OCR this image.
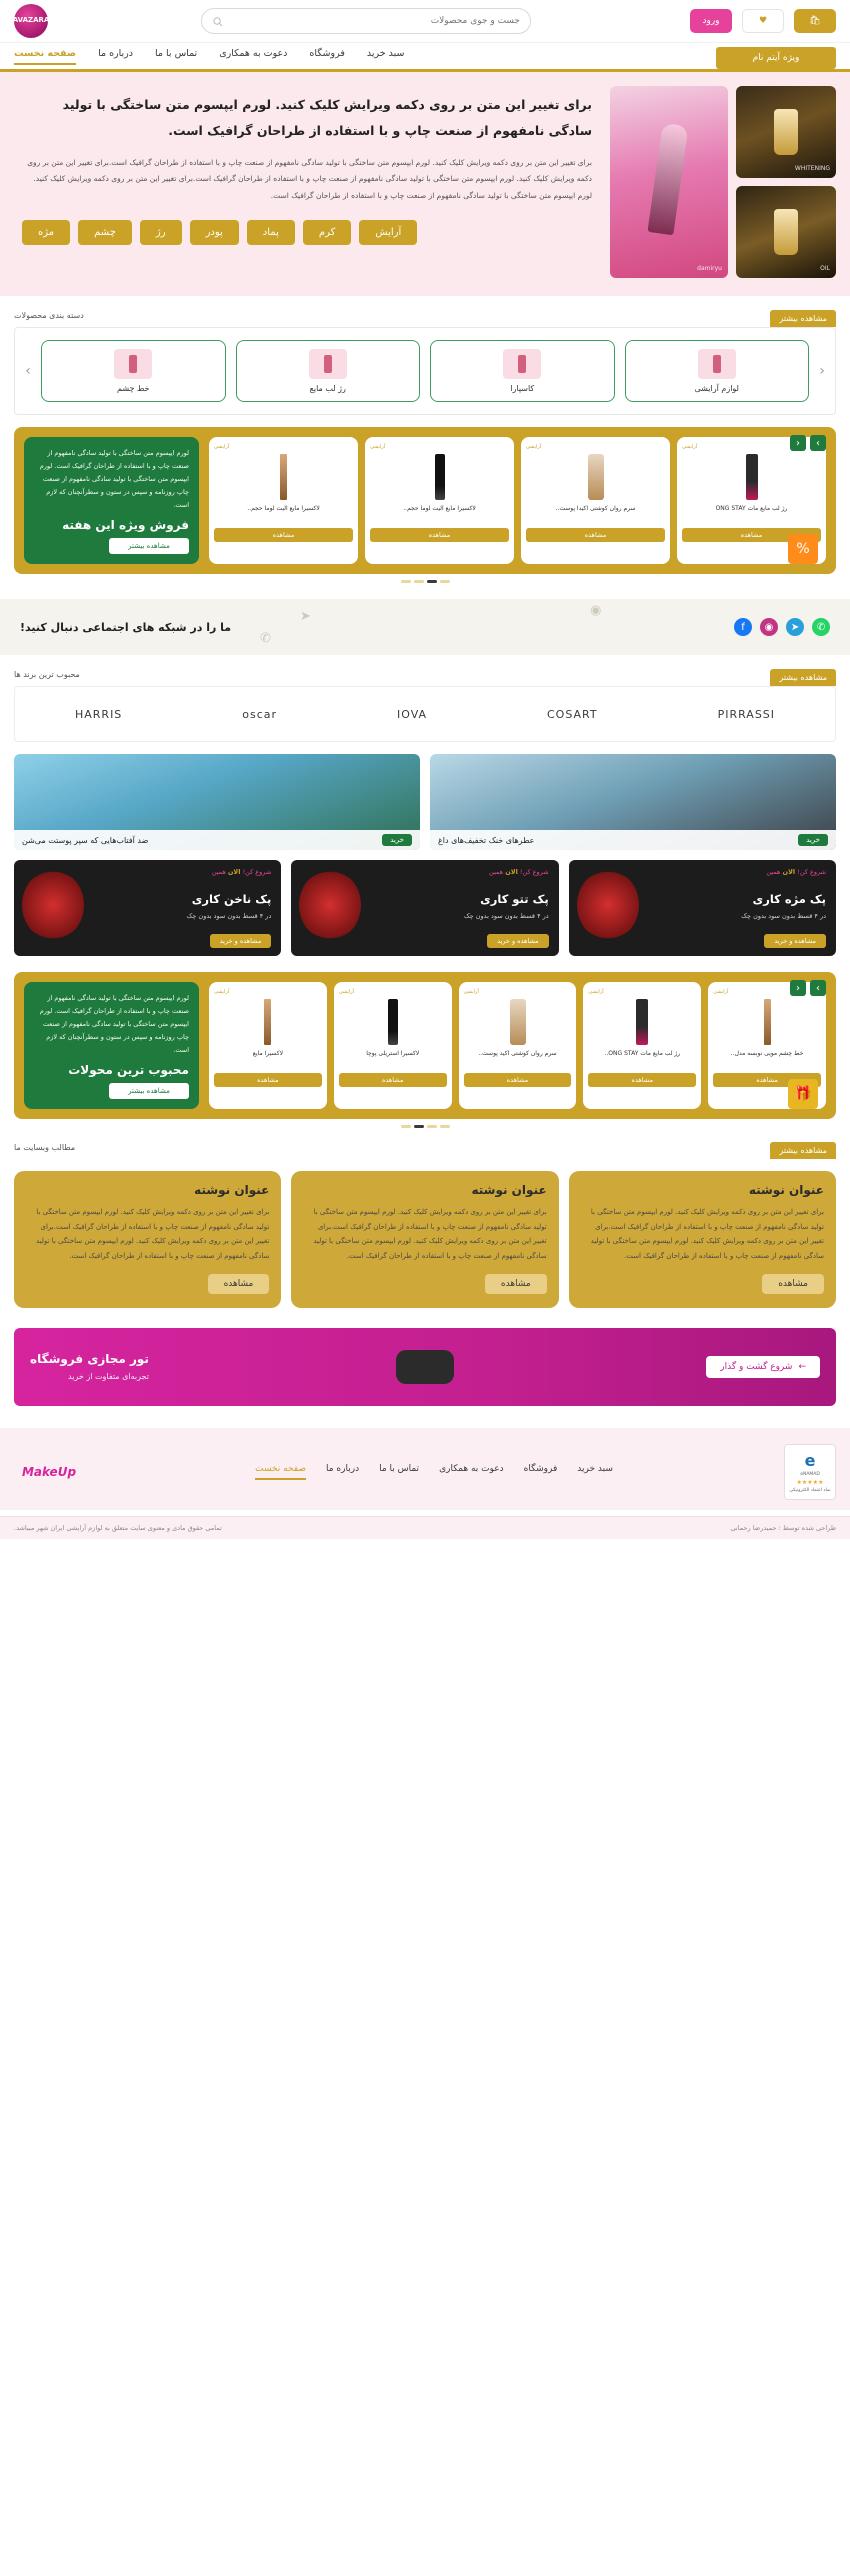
🛍
♥
ورود
جست و جوی محصولات
AVAZARA
ویژه آیتم نام
سبد خرید
فروشگاه
دعوت به همکاری
تماس با ما
درباره ما
صفحه نخست
WHITENING
OIL
damiryu
برای تغییر این متن بر روی دکمه ویرایش کلیک کنید. لورم ایپسوم متن ساختگی با تولید سادگی نامفهوم از صنعت چاپ و با استفاده از طراحان گرافیک است.
برای تغییر این متن بر روی دکمه ویرایش کلیک کنید. لورم ایپسوم متن ساختگی با تولید سادگی نامفهوم از صنعت چاپ و با استفاده از طراحان گرافیک است.برای تغییر این متن بر روی دکمه ویرایش کلیک کنید. لورم ایپسوم متن ساختگی با تولید سادگی نامفهوم از صنعت چاپ و با استفاده از طراحان گرافیک است.برای تغییر این متن بر روی دکمه ویرایش کلیک کنید. لورم ایپسوم متن ساختگی با تولید سادگی نامفهوم از صنعت چاپ و با استفاده از طراحان گرافیک است.
آرایش
کرم
پماد
پودر
رژ
چشم
مژه
مشاهده بیشتر
دسته بندی محصولات
‹
لوازم آرایشی
کاسپارا
رژ لب مایع
خط چشم
›
›
‹
آرایشی
رژ لب مایع مات ONG STAY
مشاهده
آرایشی
سرم روان کوشتی اکیدا پوست..
مشاهده
آرایشی
لاکسیرا مایع الیت لوما حجم..
مشاهده
آرایشی
لاکسیرا مایع الیت لوما حجم..
مشاهده
لورم ایپسوم متن ساختگی با تولید سادگی نامفهوم از صنعت چاپ و با استفاده از طراحان گرافیک است. لورم ایپسوم متن ساختگی با تولید سادگی نامفهوم از صنعت چاپ روزنامه و سپس در ستون و سطرآنچنان که لازم است.
فروش ویژه این هفته
مشاهده بیشتر	%
✆
➤
◉
f
ما را در شبکه های اجتماعی دنبال کنید!
➤
✆
◉
مشاهده بیشتر
محبوب ترین برند ها
PIRRASSI
COSART
IOVA
oscar
HARRIS
خرید
عطرهای خنک تخفیف‌های داغ
خرید
ضد آفتاب‌هایی که سپر پوستت می‌شن
شروع کن! الان همین
پک مژه کاری
در ۴ قسط بدون سود بدون چک
مشاهده و خرید
شروع کن! الان همین
پک تتو کاری
در ۴ قسط بدون سود بدون چک
مشاهده و خرید
شروع کن! الان همین
پک ناخن کاری
در ۴ قسط بدون سود بدون چک
مشاهده و خرید
›
‹
آرایشی
خط چشم مویی نوبسه مدل..
مشاهده
آرایشی
رژ لب مایع مات ONG STAY..
مشاهده
آرایشی
سرم روان کوشتی اکید پوست..
مشاهده
آرایشی
لاکسیرا استریلی پوچا
مشاهده
آرایشی
لاکسیرا مایع
مشاهده
لورم ایپسوم متن ساختگی با تولید سادگی نامفهوم از صنعت چاپ و با استفاده از طراحان گرافیک است. لورم ایپسوم متن ساختگی با تولید سادگی نامفهوم از صنعت چاپ روزنامه و سپس در ستون و سطرآنچنان که لازم است.
محبوب ترین محولات
مشاهده بیشتر	🎁
مشاهده بیشتر
مطالب وبسایت ما
عنوان نوشته
برای تغییر این متن بر روی دکمه ویرایش کلیک کنید. لورم ایپسوم متن ساختگی با تولید سادگی نامفهوم از صنعت چاپ و با استفاده از طراحان گرافیک است.برای تغییر این متن بر روی دکمه ویرایش کلیک کنید. لورم ایپسوم متن ساختگی با تولید سادگی نامفهوم از صنعت چاپ و با استفاده از طراحان گرافیک است.
مشاهده
عنوان نوشته
برای تغییر این متن بر روی دکمه ویرایش کلیک کنید. لورم ایپسوم متن ساختگی با تولید سادگی نامفهوم از صنعت چاپ و با استفاده از طراحان گرافیک است.برای تغییر این متن بر روی دکمه ویرایش کلیک کنید. لورم ایپسوم متن ساختگی با تولید سادگی نامفهوم از صنعت چاپ و با استفاده از طراحان گرافیک است.
مشاهده
عنوان نوشته
برای تغییر این متن بر روی دکمه ویرایش کلیک کنید. لورم ایپسوم متن ساختگی با تولید سادگی نامفهوم از صنعت چاپ و با استفاده از طراحان گرافیک است.برای تغییر این متن بر روی دکمه ویرایش کلیک کنید. لورم ایپسوم متن ساختگی با تولید سادگی نامفهوم از صنعت چاپ و با استفاده از طراحان گرافیک است.
مشاهده
←
شروع گشت و گذار
تور مجازی فروشگاه
تجربه‌ای متفاوت از خرید
e
eNAMAD
★★★★★
نماد اعتماد الکترونیکی
سبد خرید
فروشگاه
دعوت به همکاری
تماس با ما
درباره ما
صفحه نخست
MakeUp
طراحی شده توسط : حمیدرضا رحمانی
تمامی حقوق مادی و معنوی سایت متعلق به لوازم آرایشی ایران شهر میباشد.
